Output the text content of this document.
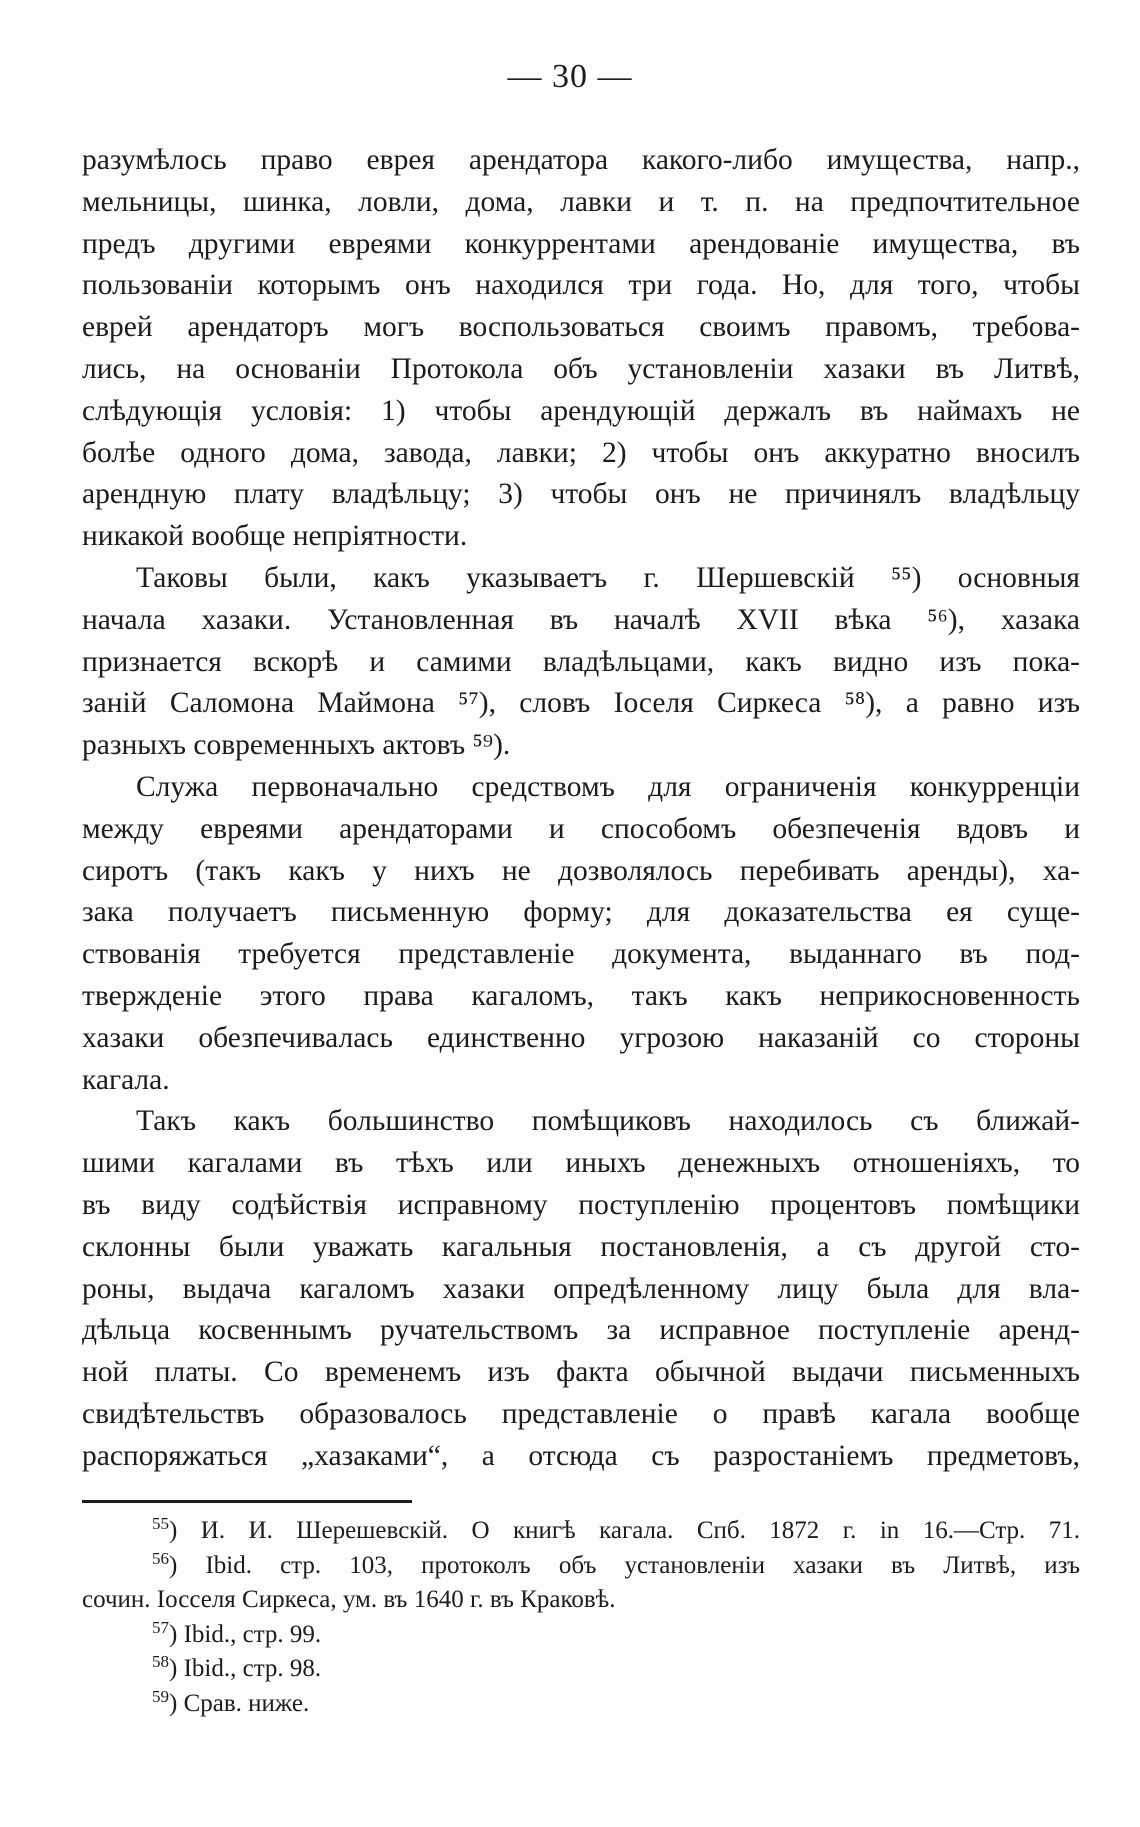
— 30 —

разумѣлось право еврея арендатора какого-либо имущества, напр.,
мельницы, шинка, ловли, дома, лавки и т. п. на предпочтительное
предъ другими евреями конкуррентами арендованіе имущества, въ
пользованіи которымъ онъ находился три года. Но, для того, чтобы
еврей арендаторъ могъ воспользоваться своимъ правомъ, требова-
лись, на основаніи Протокола объ установленіи хазаки въ Литвѣ,
слѣдующія условія: 1) чтобы арендующій держалъ въ наймахъ не
болѣе одного дома, завода, лавки; 2) чтобы онъ аккуратно вносилъ
арендную плату владѣльцу; 3) чтобы онъ не причинялъ владѣльцу
никакой вообще непріятности.

Таковы были, какъ указываетъ г. Шершевскій ⁵⁵) основныя
начала хазаки. Установленная въ началѣ XVII вѣка ⁵⁶), хазака
признается вскорѣ и самими владѣльцами, какъ видно изъ пока-
заній Саломона Маймона ⁵⁷), словъ Іоселя Сиркеса ⁵⁸), а равно изъ
разныхъ современныхъ актовъ ⁵⁹).

Служа первоначально средствомъ для ограниченія конкурренціи
между евреями арендаторами и способомъ обезпеченія вдовъ и
сиротъ (такъ какъ у нихъ не дозволялось перебивать аренды), ха-
зака получаетъ письменную форму; для доказательства ея суще-
ствованія требуется представленіе документа, выданнаго въ под-
твержденіе этого права кагаломъ, такъ какъ неприкосновенность
хазаки обезпечивалась единственно угрозою наказаній со стороны
кагала.

Такъ какъ большинство помѣщиковъ находилось съ ближай-
шими кагалами въ тѣхъ или иныхъ денежныхъ отношеніяхъ, то
въ виду содѣйствія исправному поступленію процентовъ помѣщики
склонны были уважать кагальныя постановленія, а съ другой сто-
роны, выдача кагаломъ хазаки опредѣленному лицу была для вла-
дѣльца косвеннымъ ручательствомъ за исправное поступленіе аренд-
ной платы. Со временемъ изъ факта обычной выдачи письменныхъ
свидѣтельствъ образовалось представленіе о правѣ кагала вообще
распоряжаться „хазаками“, а отсюда съ разростаніемъ предметовъ,

$^{55}$) И. И. Шерешевскій. О книгѣ кагала. Спб. 1872 г. in 16.—Стр. 71.
$^{56}$) Ibid. стр. 103, протоколъ объ установленіи хазаки въ Литвѣ, изъ
сочин. Іосселя Сиркеса, ум. въ 1640 г. въ Краковѣ.
$^{57}$) Ibid., стр. 99.
$^{58}$) Ibid., стр. 98.
$^{59}$) Срав. ниже.
